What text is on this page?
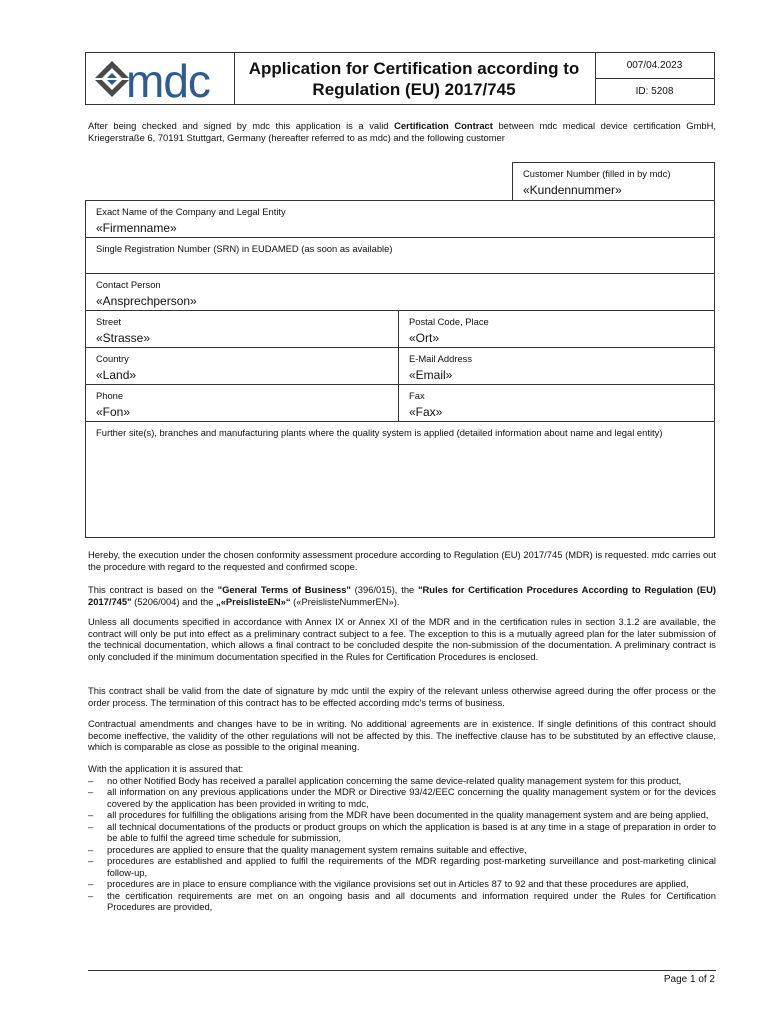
mdc Application for Certification according to
Regulation (EU) 2017/745
007/04.2023
ID: 5208
After being checked and signed by mdc this application is a valid Certification Contract between mdc medical device certification GmbH, Kriegerstraße 6, 70191 Stuttgart, Germany (hereafter referred to as mdc) and the following customer
Customer Number (filled in by mdc)
«Kundennummer»
Exact Name of the Company and Legal Entity
«Firmenname»
Single Registration Number (SRN) in EUDAMED (as soon as available)
Contact Person
«Ansprechperson»
Street
«Strasse»
Postal Code, Place
«Ort»
Country
«Land»
E-Mail Address
«Email»
Phone
«Fon»
Fax
«Fax»
Further site(s), branches and manufacturing plants where the quality system is applied (detailed information about name and legal entity)
Hereby, the execution under the chosen conformity assessment procedure according to Regulation (EU) 2017/745 (MDR) is requested. mdc carries out the procedure with regard to the requested and confirmed scope.
This contract is based on the "General Terms of Business" (396/015), the "Rules for Certification Procedures According to Regulation (EU) 2017/745" (5206/004) and the „«PreislisteEN»“ («PreislisteNummerEN»).
Unless all documents specified in accordance with Annex IX or Annex XI of the MDR and in the certification rules in section 3.1.2 are available, the contract will only be put into effect as a preliminary contract subject to a fee. The exception to this is a mutually agreed plan for the later submission of the technical documentation, which allows a final contract to be concluded despite the non-submission of the documentation. A preliminary contract is only concluded if the minimum documentation specified in the Rules for Certification Procedures is enclosed.
This contract shall be valid from the date of signature by mdc until the expiry of the relevant unless otherwise agreed during the offer process or the order process. The termination of this contract has to be effected according mdc's terms of business.
Contractual amendments and changes have to be in writing. No additional agreements are in existence. If single definitions of this contract should become ineffective, the validity of the other regulations will not be affected by this. The ineffective clause has to be substituted by an effective clause, which is comparable as close as possible to the original meaning.
With the application it is assured that:
– no other Notified Body has received a parallel application concerning the same device-related quality management system for this product,
– all information on any previous applications under the MDR or Directive 93/42/EEC concerning the quality management system or for the devices covered by the application has been provided in writing to mdc,
– all procedures for fulfilling the obligations arising from the MDR have been documented in the quality management system and are being applied,
– all technical documentations of the products or product groups on which the application is based is at any time in a stage of preparation in order to be able to fulfil the agreed time schedule for submission,
– procedures are applied to ensure that the quality management system remains suitable and effective,
– procedures are established and applied to fulfil the requirements of the MDR regarding post-marketing surveillance and post-marketing clinical follow-up,
– procedures are in place to ensure compliance with the vigilance provisions set out in Articles 87 to 92 and that these procedures are applied,
– the certification requirements are met on an ongoing basis and all documents and information required under the Rules for Certification Procedures are provided,
Page 1 of 2
